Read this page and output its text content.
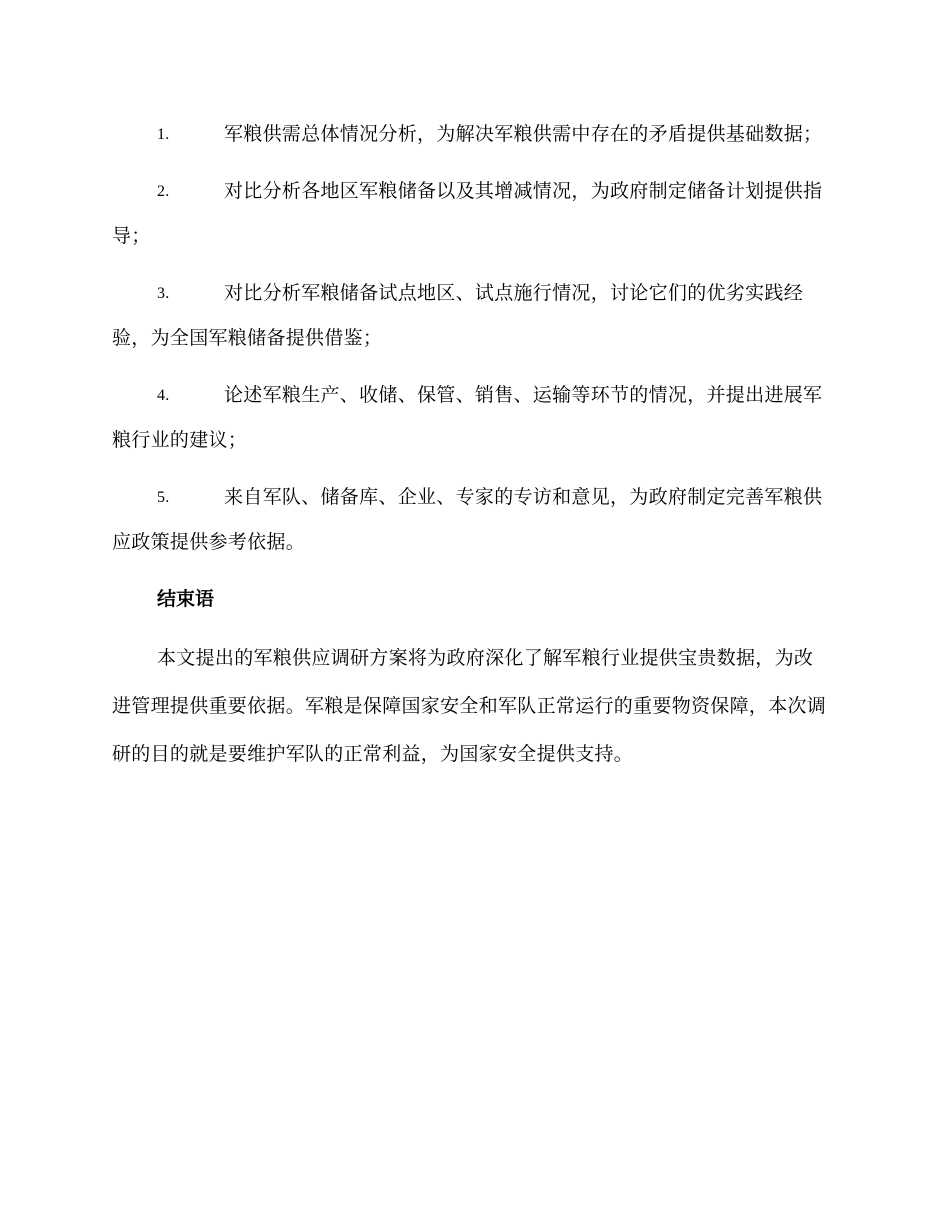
1.	军粮供需总体情况分析，为解决军粮供需中存在的矛盾提供基础数据；
2.	对比分析各地区军粮储备以及其增减情况，为政府制定储备计划提供指导；
3.	对比分析军粮储备试点地区、试点施行情况，讨论它们的优劣实践经验，为全国军粮储备提供借鉴；
4.	论述军粮生产、收储、保管、销售、运输等环节的情况，并提出进展军粮行业的建议；
5.	来自军队、储备库、企业、专家的专访和意见，为政府制定完善军粮供应政策提供参考依据。
结束语

本文提出的军粮供应调研方案将为政府深化了解军粮行业提供宝贵数据，为改进管理提供重要依据。军粮是保障国家安全和军队正常运行的重要物资保障，本次调研的目的就是要维护军队的正常利益，为国家安全提供支持。
